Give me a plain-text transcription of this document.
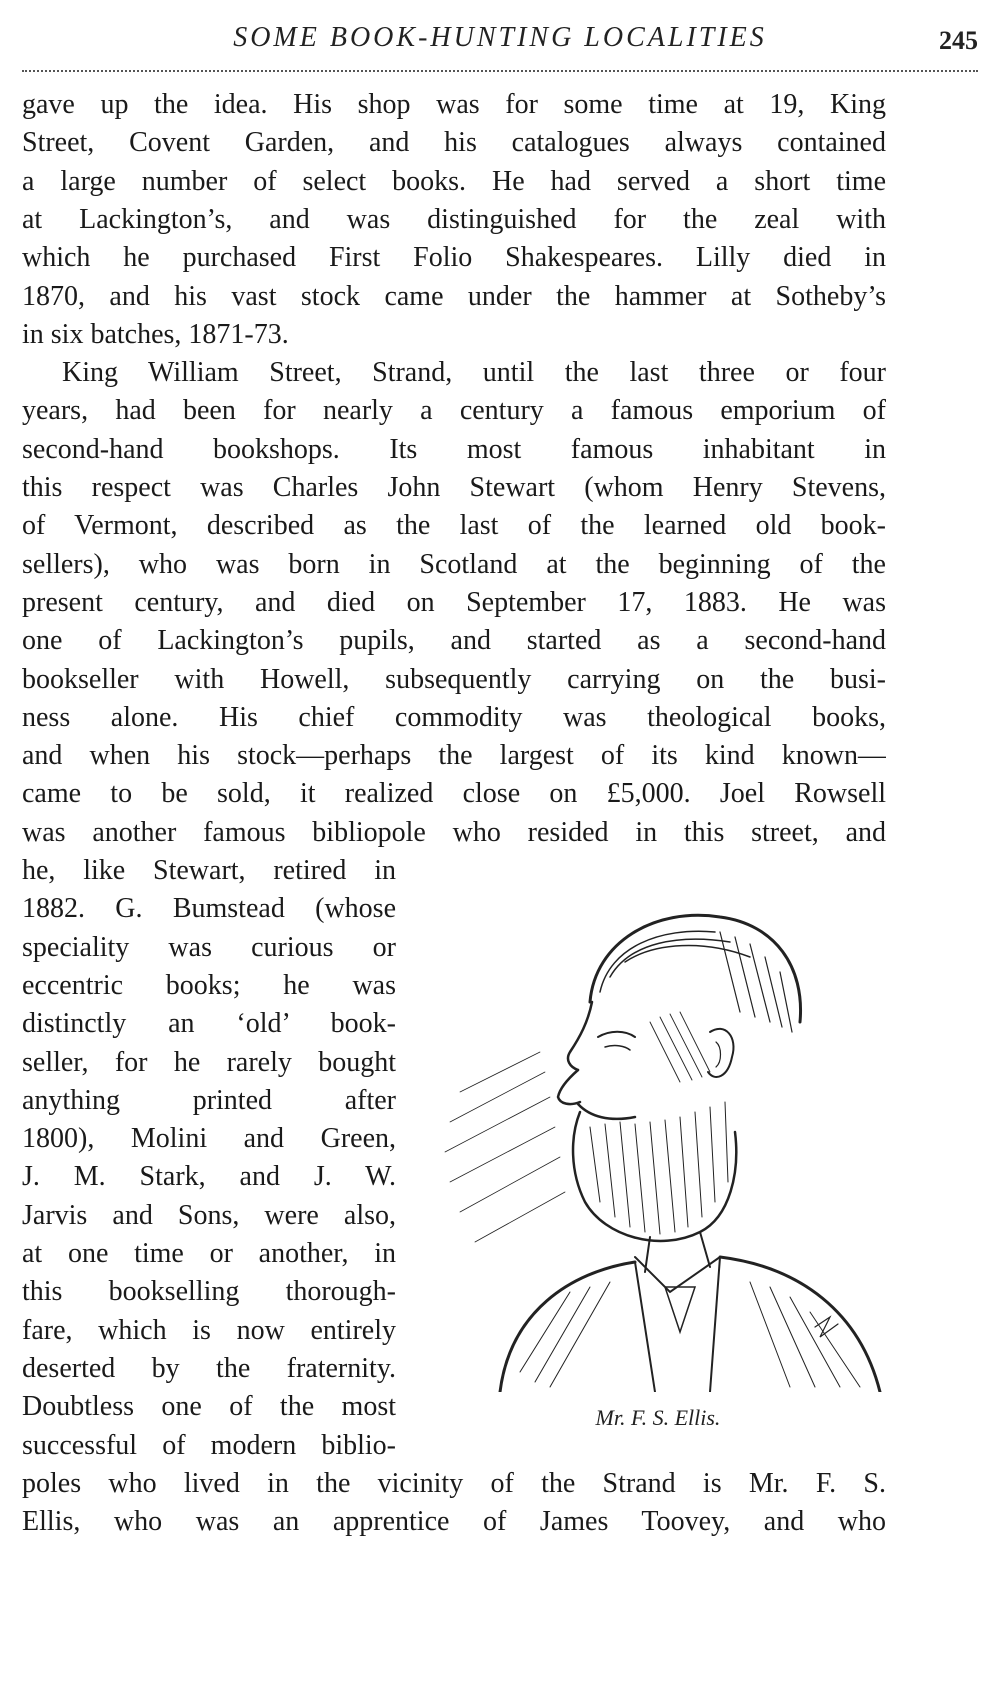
SOME BOOK-HUNTING LOCALITIES	245
gave up the idea. His shop was for some time at 19, King
Street, Covent Garden, and his catalogues always contained
a large number of select books. He had served a short time
at Lackington’s, and was distinguished for the zeal with
which he purchased First Folio Shakespeares. Lilly died in
1870, and his vast stock came under the hammer at Sotheby’s
in six batches, 1871-73.
King William Street, Strand, until the last three or four
years, had been for nearly a century a famous emporium of
second-hand bookshops. Its most famous inhabitant in
this respect was Charles John Stewart (whom Henry Stevens,
of Vermont, described as the last of the learned old book-
sellers), who was born in Scotland at the beginning of the
present century, and died on September 17, 1883. He was
one of Lackington’s pupils, and started as a second-hand
bookseller with Howell, subsequently carrying on the busi-
ness alone. His chief commodity was theological books,
and when his stock—perhaps the largest of its kind known—
came to be sold, it realized close on £5,000. Joel Rowsell
was another famous bibliopole who resided in this street, and
he, like Stewart, retired in
1882. G. Bumstead (whose
speciality was curious or
eccentric books; he was
distinctly an ‘old’ book-
seller, for he rarely bought
anything printed after
1800), Molini and Green,
J. M. Stark, and J. W.
Jarvis and Sons, were also,
at one time or another, in
this bookselling thorough-
fare, which is now entirely
deserted by the fraternity.
Doubtless one of the most
successful of modern biblio-
poles who lived in the vicinity of the Strand is Mr. F. S.
Ellis, who was an apprentice of James Toovey, and who
Mr. F. S. Ellis.
